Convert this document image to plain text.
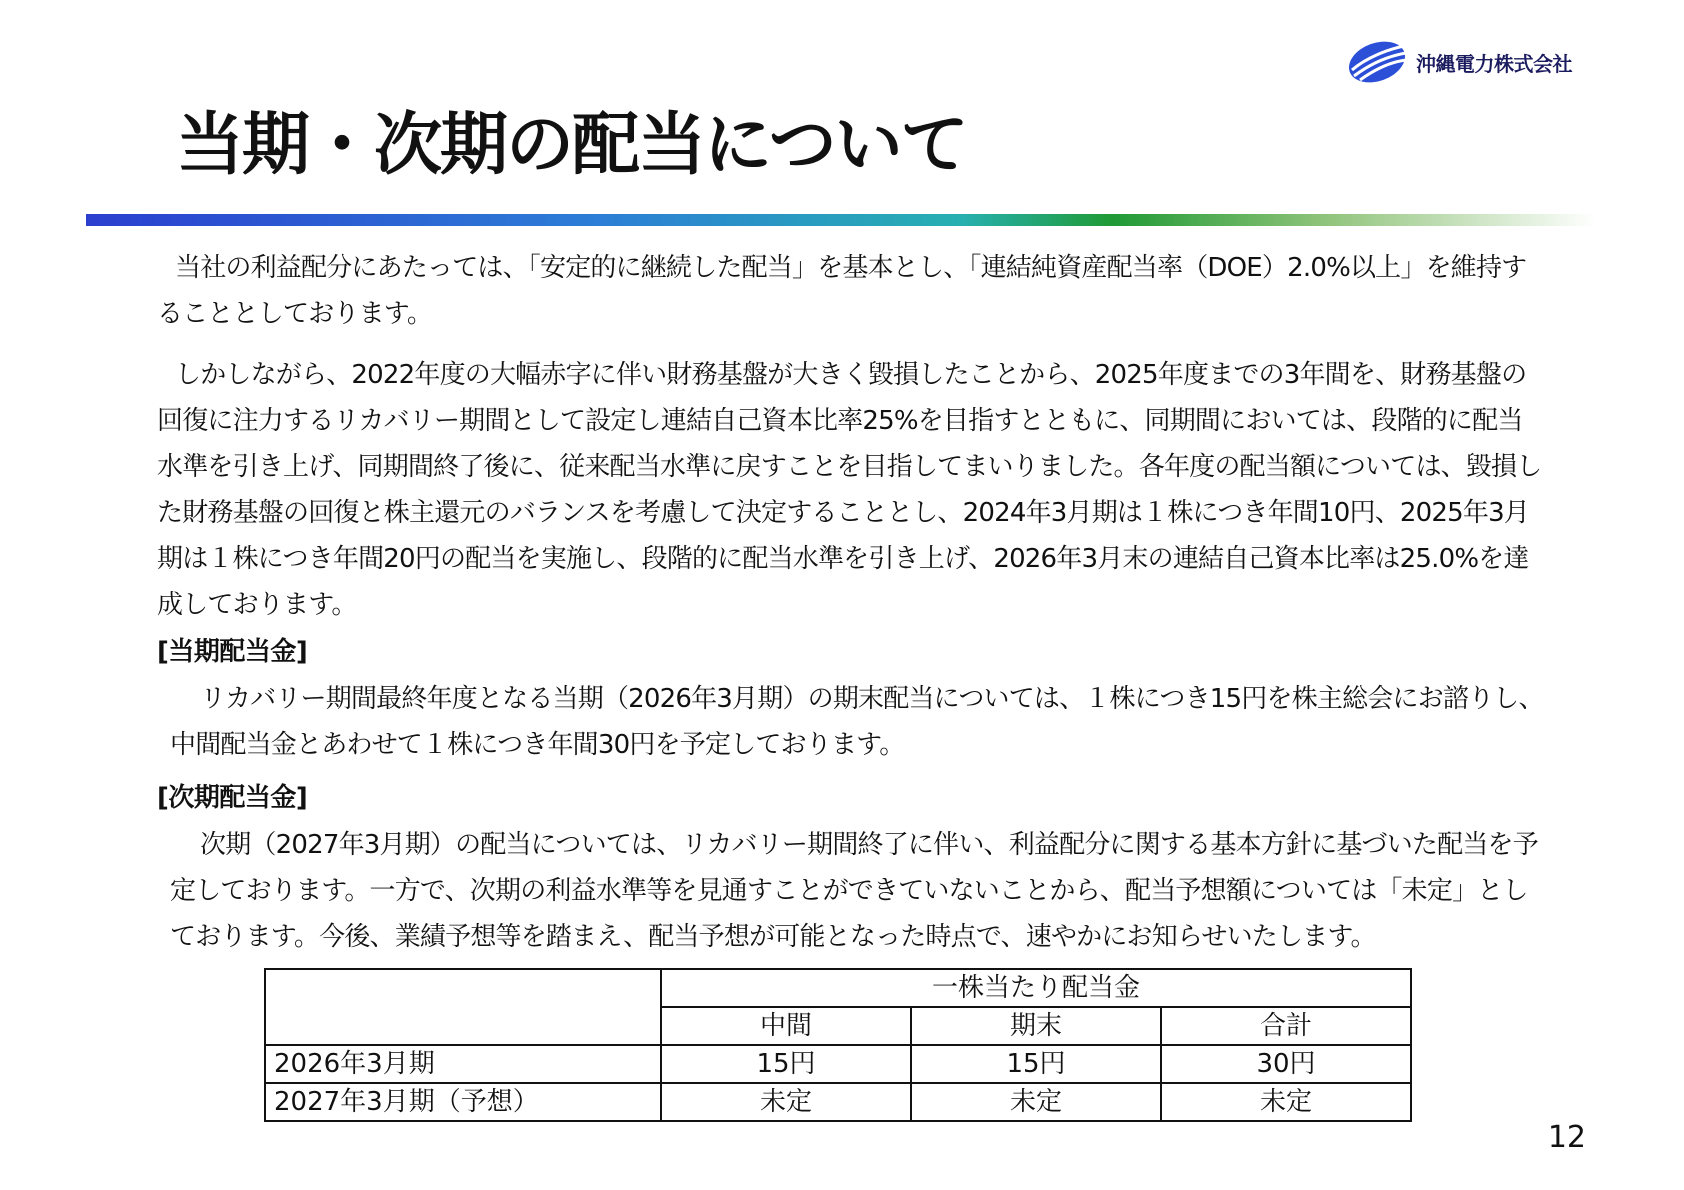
沖縄電力株式会社
当期・次期の配当について

当社の利益配分にあたっては、「安定的に継続した配当」を基本とし、「連結純資産配当率（DOE）2.0%以上」を維持することとしております。

しかしながら、2022年度の大幅赤字に伴い財務基盤が大きく毀損したことから、2025年度までの3年間を、財務基盤の回復に注力するリカバリー期間として設定し連結自己資本比率25%を目指すとともに、同期間においては、段階的に配当水準を引き上げ、同期間終了後に、従来配当水準に戻すことを目指してまいりました。各年度の配当額については、毀損した財務基盤の回復と株主還元のバランスを考慮して決定することとし、2024年3月期は１株につき年間10円、2025年3月期は１株につき年間20円の配当を実施し、段階的に配当水準を引き上げ、2026年3月末の連結自己資本比率は25.0%を達成しております。

[当期配当金]

リカバリー期間最終年度となる当期（2026年3月期）の期末配当については、１株につき15円を株主総会にお諮りし、中間配当金とあわせて１株につき年間30円を予定しております。

[次期配当金]

次期（2027年3月期）の配当については、リカバリー期間終了に伴い、利益配分に関する基本方針に基づいた配当を予定しております。一方で、次期の利益水準等を見通すことができていないことから、配当予想額については「未定」としております。今後、業績予想等を踏まえ、配当予想が可能となった時点で、速やかにお知らせいたします。

	一株当たり配当金		
	中間	期末	合計
2026年3月期	15円	15円	30円
2027年3月期（予想）	未定	未定	未定
12
